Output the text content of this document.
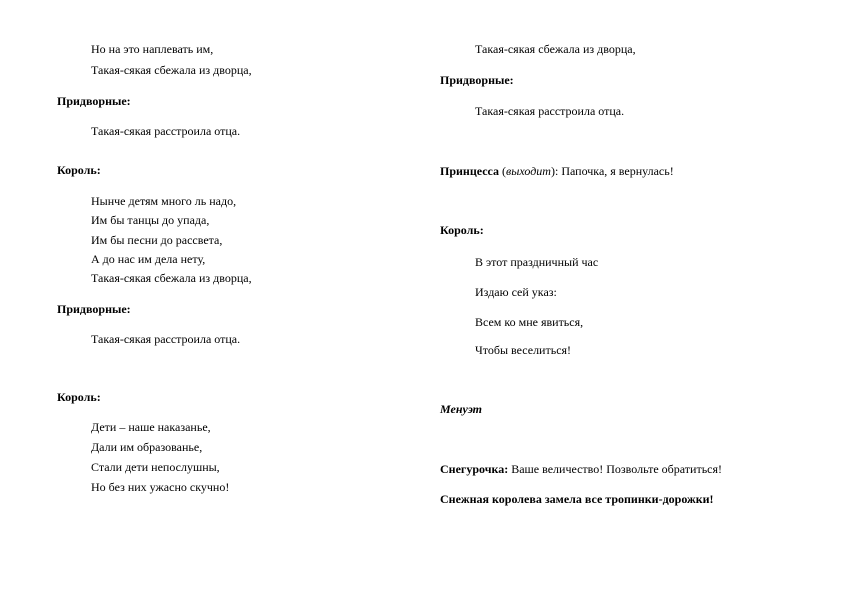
Но на это наплевать им,
Такая-сякая сбежала из дворца,
Придворные:
Такая-сякая расстроила отца.
Король:
Нынче детям много ль надо,
Им бы танцы до упада,
Им бы песни до рассвета,
А до нас им дела нету,
Такая-сякая сбежала из дворца,
Придворные:
Такая-сякая расстроила отца.
Король:
Дети – наше наказанье,
Дали им образованье,
Стали дети непослушны,
Но без них ужасно скучно!
Такая-сякая сбежала из дворца,
Придворные:
Такая-сякая расстроила отца.
Принцесса (выходит): Папочка, я вернулась!
Король:
В этот праздничный час
Издаю сей указ:
Всем ко мне явиться,
Чтобы веселиться!
Менуэт
Снегурочка: Ваше величество! Позвольте обратиться!
Снежная королева замела все тропинки-дорожки!
